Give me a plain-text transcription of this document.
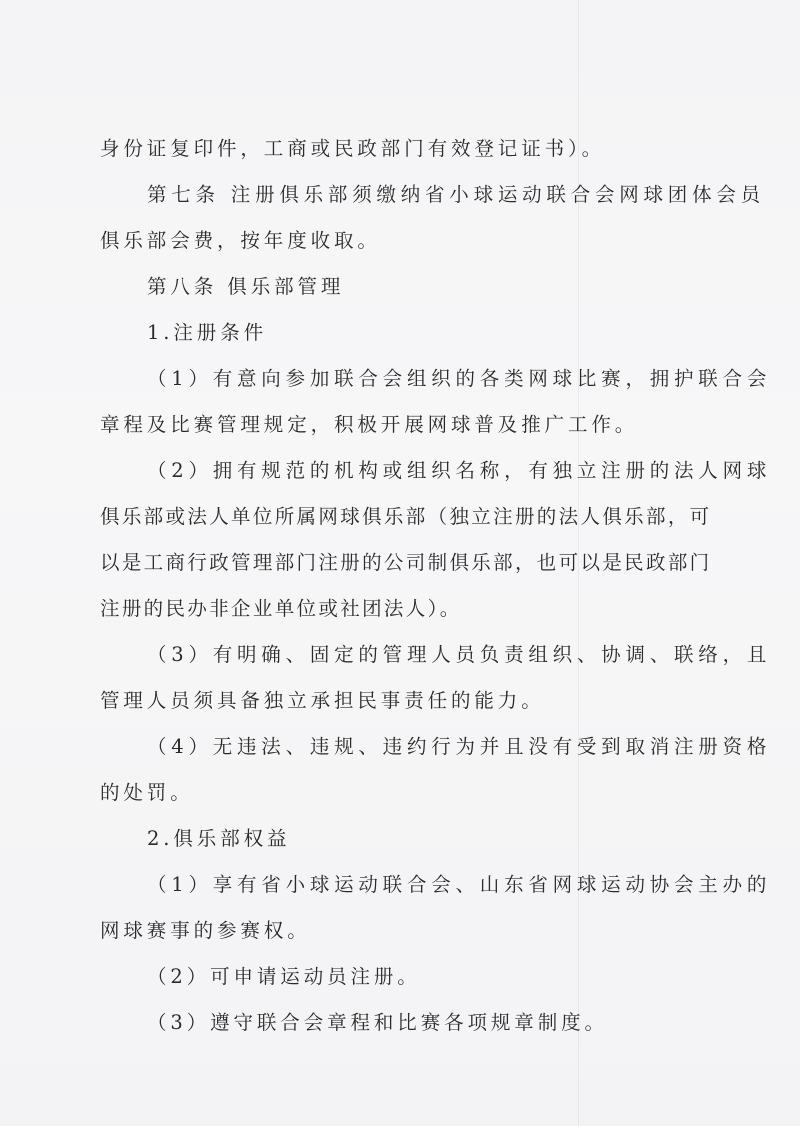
身份证复印件，工商或民政部门有效登记证书）。
第七条 注册俱乐部须缴纳省小球运动联合会网球团体会员
俱乐部会费，按年度收取。
第八条 俱乐部管理
1.注册条件
（1）有意向参加联合会组织的各类网球比赛，拥护联合会
章程及比赛管理规定，积极开展网球普及推广工作。
（2）拥有规范的机构或组织名称，有独立注册的法人网球
俱乐部或法人单位所属网球俱乐部（独立注册的法人俱乐部，可
以是工商行政管理部门注册的公司制俱乐部，也可以是民政部门
注册的民办非企业单位或社团法人）。
（3）有明确、固定的管理人员负责组织、协调、联络，且
管理人员须具备独立承担民事责任的能力。
（4）无违法、违规、违约行为并且没有受到取消注册资格
的处罚。
2.俱乐部权益
（1）享有省小球运动联合会、山东省网球运动协会主办的
网球赛事的参赛权。
（2）可申请运动员注册。
（3）遵守联合会章程和比赛各项规章制度。
